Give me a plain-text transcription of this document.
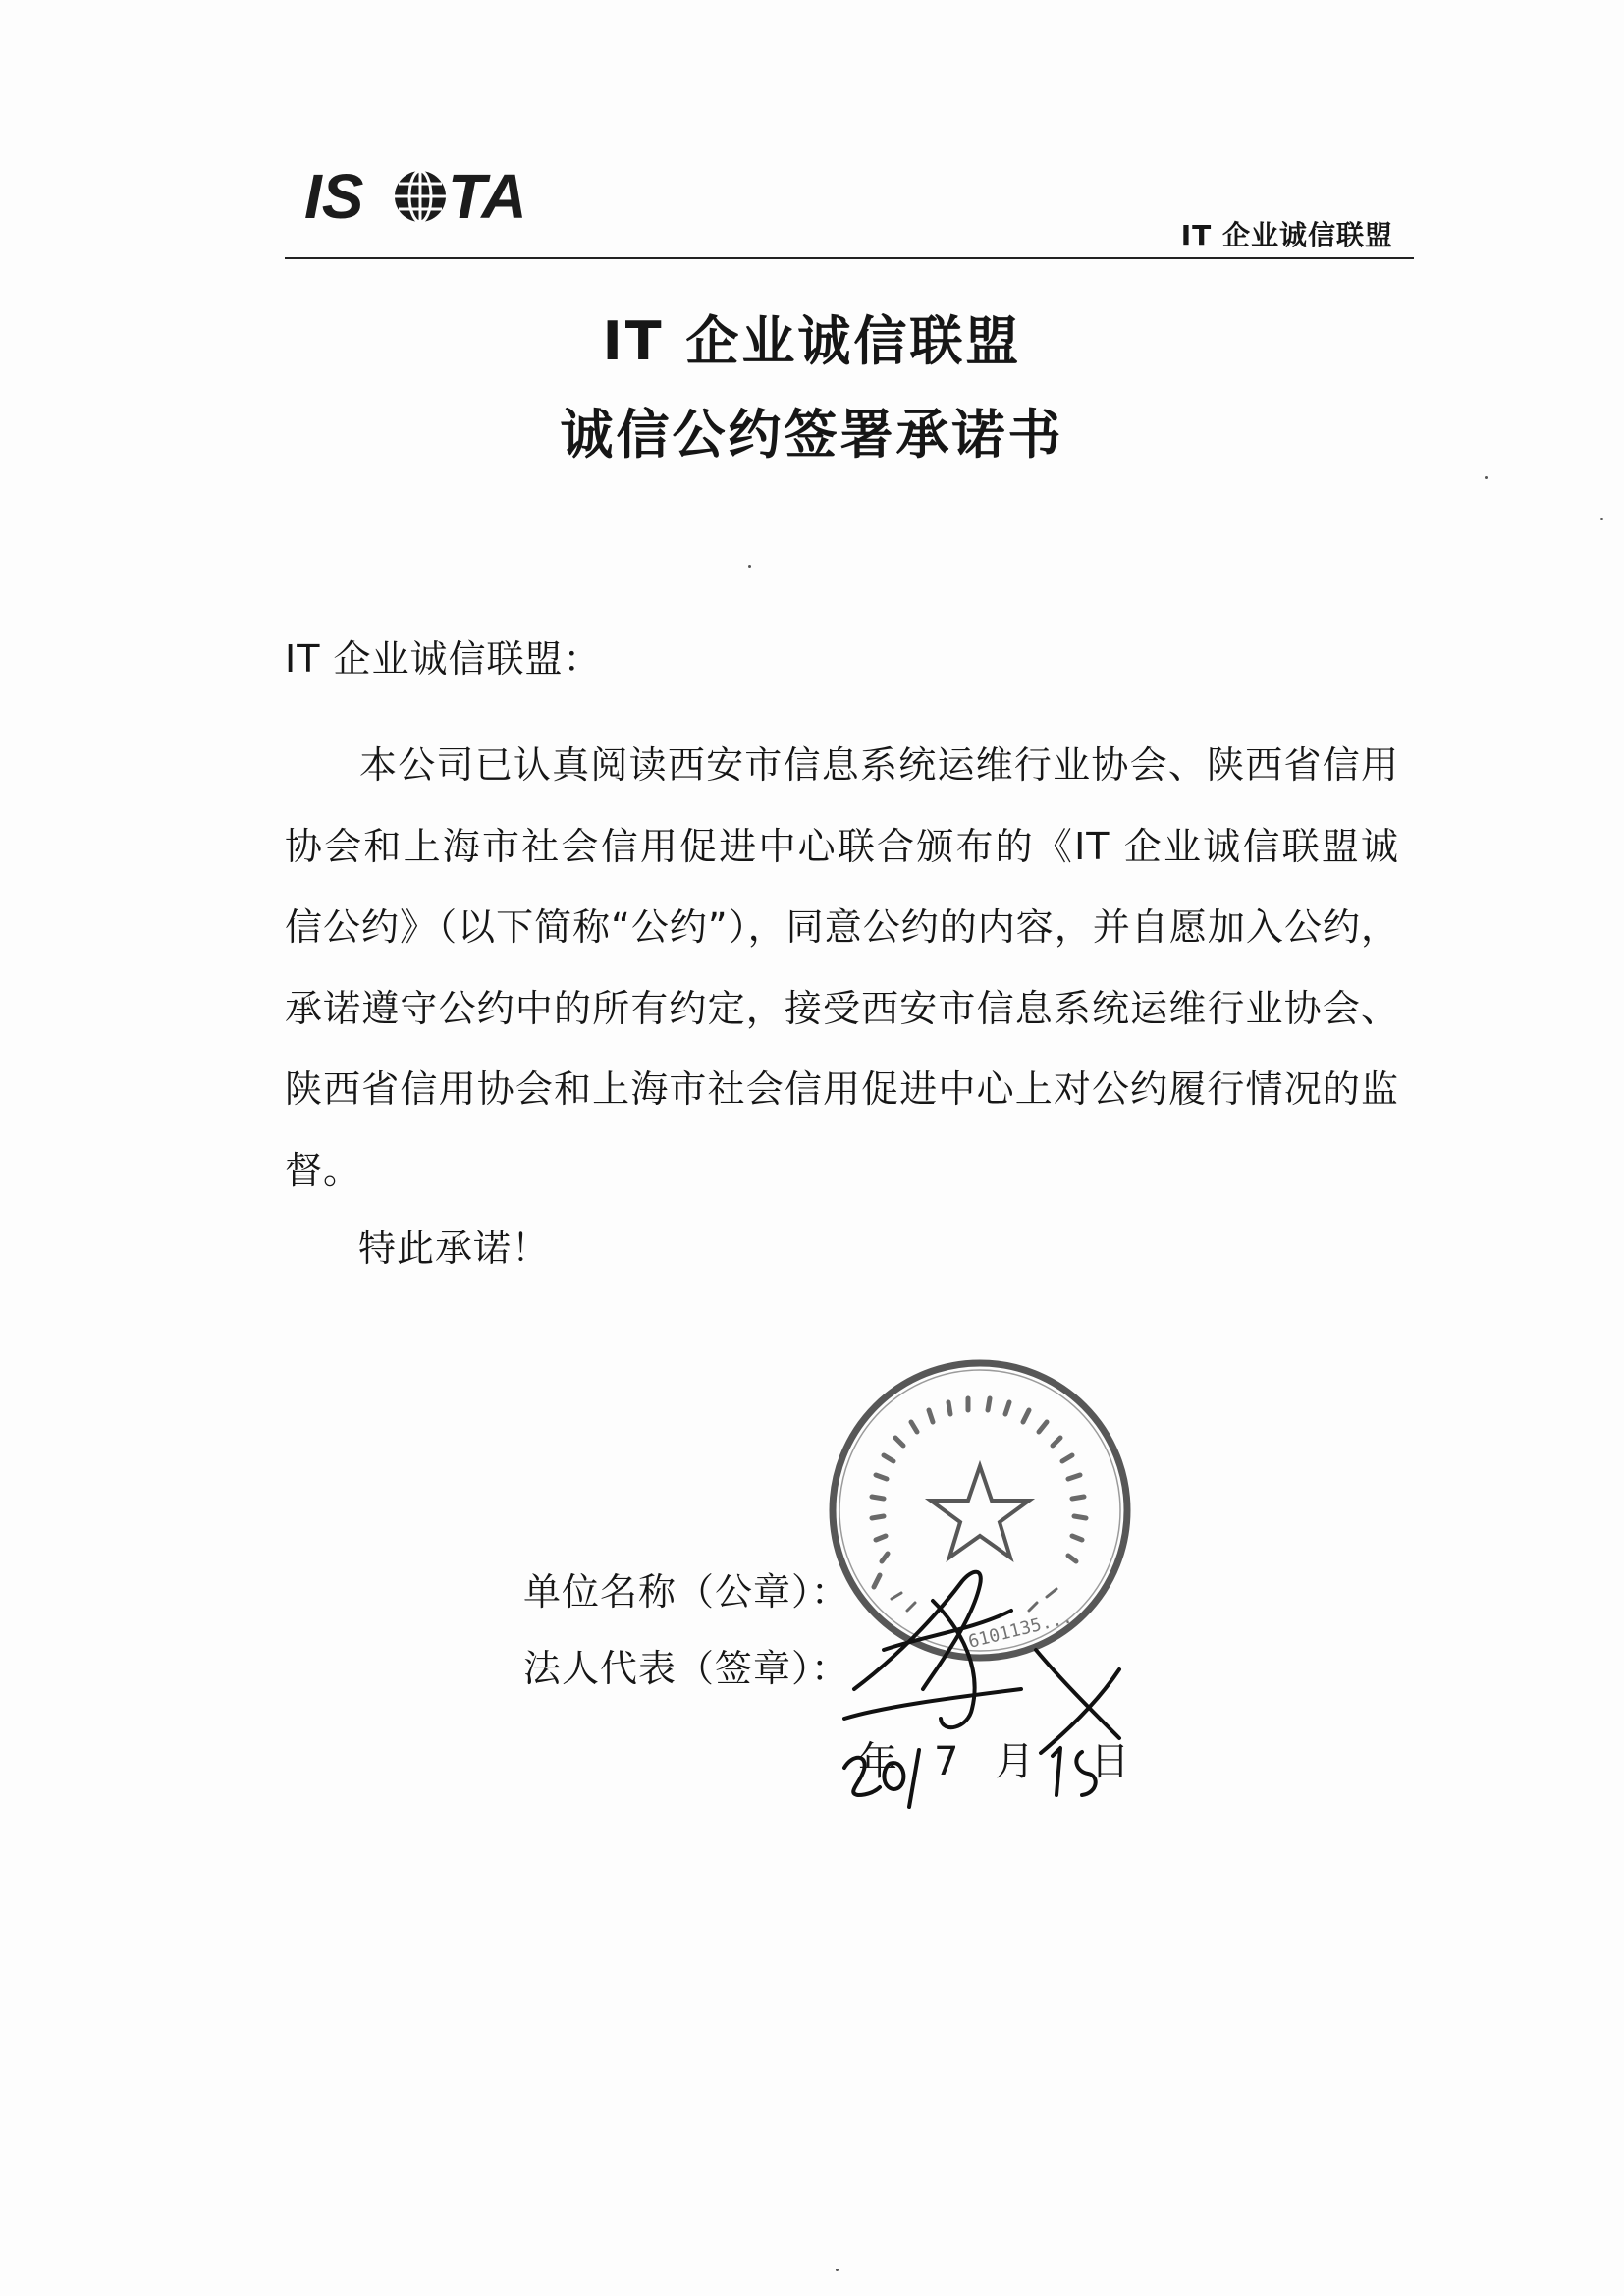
IS TA
IT 企业诚信联盟
IT 企业诚信联盟
诚信公约签署承诺书
IT 企业诚信联盟：
本公司已认真阅读西安市信息系统运维行业协会、陕西省信用协会和上海市社会信用促进中心联合颁布的《IT 企业诚信联盟诚信公约》（以下简称“公约”），同意公约的内容，并自愿加入公约，承诺遵守公约中的所有约定，接受西安市信息系统运维行业协会、陕西省信用协会和上海市社会信用促进中心上对公约履行情况的监督。
特此承诺！
单位名称（公章）：
法人代表（签章）：
年 7 月 日
6101135...
